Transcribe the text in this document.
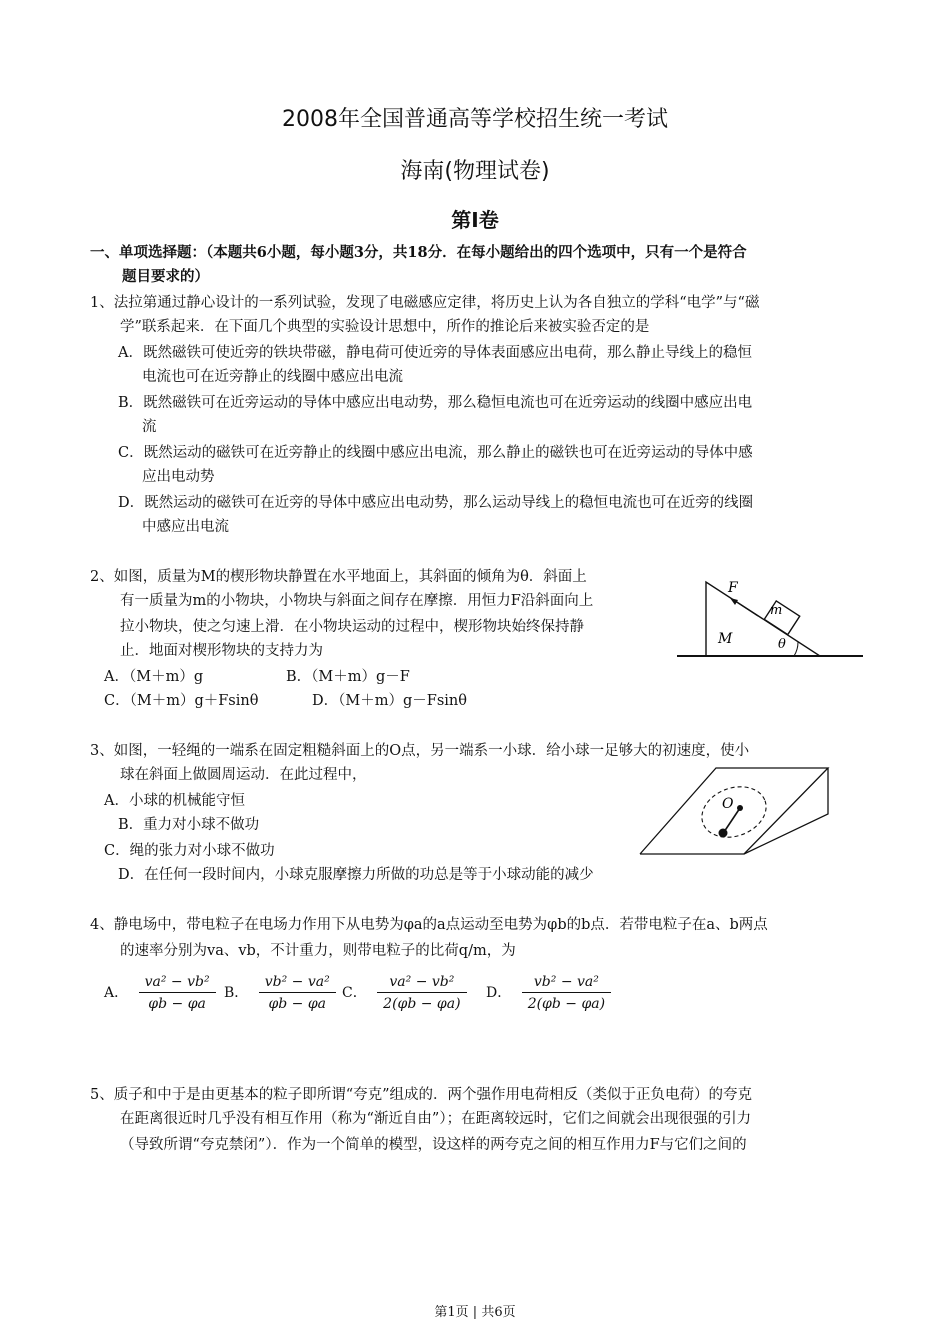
2008年全国普通高等学校招生统一考试
海南(物理试卷)
第I卷
一、单项选择题：（本题共6小题，每小题3分，共18分．在每小题给出的四个选项中，只有一个是符合
题目要求的）
1、法拉第通过静心设计的一系列试验，发现了电磁感应定律，将历史上认为各自独立的学科“电学”与“磁
学”联系起来．在下面几个典型的实验设计思想中，所作的推论后来被实验否定的是
A．既然磁铁可使近旁的铁块带磁，静电荷可使近旁的导体表面感应出电荷，那么静止导线上的稳恒
电流也可在近旁静止的线圈中感应出电流
B．既然磁铁可在近旁运动的导体中感应出电动势，那么稳恒电流也可在近旁运动的线圈中感应出电
流
C．既然运动的磁铁可在近旁静止的线圈中感应出电流，那么静止的磁铁也可在近旁运动的导体中感
应出电动势
D．既然运动的磁铁可在近旁的导体中感应出电动势，那么运动导线上的稳恒电流也可在近旁的线圈
中感应出电流
2、如图，质量为M的楔形物块静置在水平地面上，其斜面的倾角为θ．斜面上
有一质量为m的小物块，小物块与斜面之间存在摩擦．用恒力F沿斜面向上
拉小物块，使之匀速上滑．在小物块运动的过程中，楔形物块始终保持静
止．地面对楔形物块的支持力为
A．（M＋m）g	B．（M＋m）g－F
C．（M＋m）g＋Fsinθ	D．（M＋m）g－Fsinθ
F
m
M	θ
3、如图，一轻绳的一端系在固定粗糙斜面上的O点，另一端系一小球．给小球一足够大的初速度，使小
球在斜面上做圆周运动．在此过程中，
A．小球的机械能守恒
B．重力对小球不做功
C．绳的张力对小球不做功
D．在任何一段时间内，小球克服摩擦力所做的功总是等于小球动能的减少
O
4、静电场中，带电粒子在电场力作用下从电势为φa的a点运动至电势为φb的b点．若带电粒子在a、b两点
的速率分别为va、vb，不计重力，则带电粒子的比荷q/m，为
A． $\frac{\text{va² − vb²}}{\varphi b - \varphi a}$ B． $\frac{\text{vb² − va²}}{\varphi b - \varphi a}$ C． $\frac{\text{va² − vb²}}{2(\varphi b - \varphi a)}$ D． $\frac{\text{vb² − va²}}{2(\varphi b - \varphi a)}$
5、质子和中于是由更基本的粒子即所谓“夸克”组成的．两个强作用电荷相反（类似于正负电荷）的夸克
在距离很近时几乎没有相互作用（称为“渐近自由”）；在距离较远时，它们之间就会出现很强的引力
（导致所谓“夸克禁闭”）．作为一个简单的模型，设这样的两夸克之间的相互作用力F与它们之间的
第1页 | 共6页
